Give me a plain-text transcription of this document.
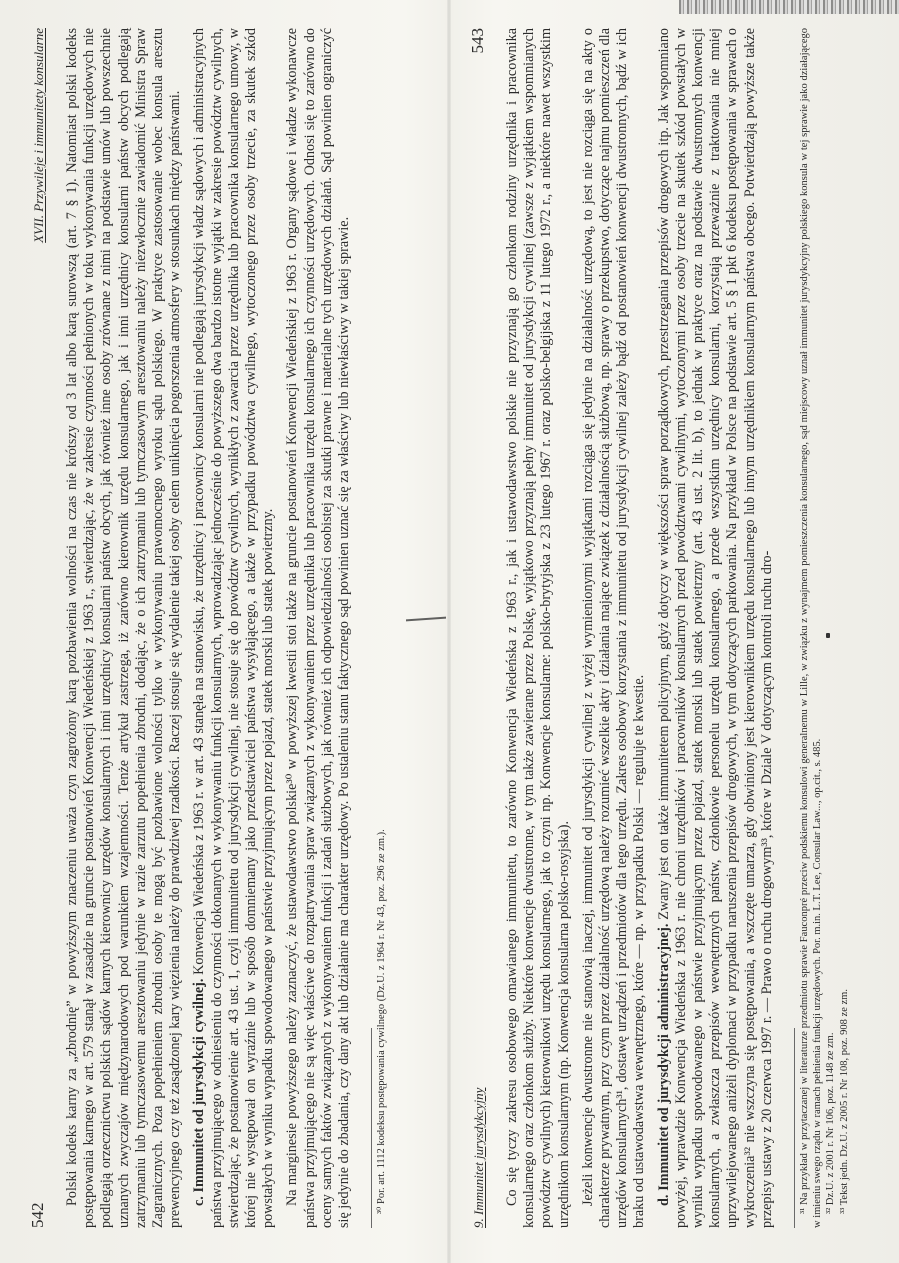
542
XVII. Przywileje i immunitety konsularne Polski kodeks karny za „zbrodnię” w powyższym znaczeniu uważa czyn zagrożony karą pozbawienia wolności na czas nie krótszy od 3 lat albo karą surowszą (art. 7 § 1). Natomiast polski kodeks postępowania karnego w art. 579 stanął w zasadzie na gruncie postanowień Konwencji Wiedeńskiej z 1963 r., stwierdzając, że w zakresie czynności pełnionych w toku wykonywania funkcji urzędowych nie podlegają orzecznictwu polskich sądów karnych kierownicy urzędów konsularnych i inni urzędnicy konsularni państw obcych, jak również inne osoby zrównane z nimi na podstawie umów lub powszechnie uznanych zwyczajów międzynarodowych pod warunkiem wzajemności. Tenże artykuł zastrzega, iż zarówno kierownik urzędu konsularnego, jak i inni urzędnicy konsularni państw obcych podlegają zatrzymaniu lub tymczasowemu aresztowaniu jedynie w razie zarzutu popełnienia zbrodni, dodając, że o ich zatrzymaniu lub tymczasowym aresztowaniu należy niezwłocznie zawiadomić Ministra Spraw Zagranicznych. Poza popełnieniem zbrodni osoby te mogą być pozbawione wolności tylko w wykonywaniu prawomocnego wyroku sądu polskiego. W praktyce zastosowanie wobec konsula aresztu prewencyjnego czy też zasądzonej kary więzienia należy do prawdziwej rzadkości. Raczej stosuje się wydalenie takiej osoby celem uniknięcia pogorszenia atmosfery w stosunkach między państwami. c. Immunitet od jurysdykcji cywilnej. Konwencja Wiedeńska z 1963 r. w art. 43 stanęła na stanowisku, że urzędnicy i pracownicy konsularni nie podlegają jurysdykcji władz sądowych i administracyjnych państwa przyjmującego w odniesieniu do czynności dokonanych w wykonywaniu funkcji konsularnych, wprowadzając jednocześnie do powyższego dwa bardzo istotne wyjątki w zakresie powództw cywilnych, stwierdzając, że postanowienie art. 43 ust. 1, czyli immunitetu od jurysdykcji cywilnej, nie stosuje się do powództw cywilnych, wynikłych z zawarcia przez urzędnika lub pracownika konsularnego umowy, w której nie występował on wyraźnie lub w sposób domniemany jako przedstawiciel państwa wysyłającego, a także w przypadku powództwa cywilnego, wytoczonego przez osoby trzecie, za skutek szkód powstałych w wyniku wypadku spowodowanego w państwie przyjmującym przez pojazd, statek morski lub statek powietrzny. Na marginesie powyższego należy zaznaczyć, że ustawodawstwo polskie³⁰ w powyższej kwestii stoi także na gruncie postanowień Konwencji Wiedeńskiej z 1963 r. Organy sądowe i władze wykonawcze państwa przyjmującego nie są więc właściwe do rozpatrywania spraw związanych z wykonywaniem przez urzędnika lub pracownika urzędu konsularnego ich czynności urzędowych. Odnosi się to zarówno do oceny samych faktów związanych z wykonywaniem funkcji i zadań służbowych, jak również ich odpowiedzialności osobistej za skutki prawne i materialne tych urzędowych działań. Sąd powinien ograniczyć się jedynie do zbadania, czy dany akt lub działanie ma charakter urzędowy. Po ustaleniu stanu faktycznego sąd powinien uznać się za właściwy lub niewłaściwy w takiej sprawie. ³⁰ Por. art. 1112 kodeksu postępowania cywilnego (Dz.U. z 1964 r. Nr 43, poz. 296 ze zm.).	9. Immunitet jurysdykcyjny
543 Co się tyczy zakresu osobowego omawianego immunitetu, to zarówno Konwencja Wiedeńska z 1963 r., jak i ustawodawstwo polskie nie przyznają go członkom rodziny urzędnika i pracownika konsularnego oraz członkom służby. Niektóre konwencje dwustronne, w tym także zawierane przez Polskę, wyjątkowo przyznają pełny immunitet od jurysdykcji cywilnej (zawsze z wyjątkiem wspomnianych powództw cywilnych) kierownikowi urzędu konsularnego, jak to czyni np. Konwencje konsularne: polsko-brytyjska z 23 lutego 1967 r. oraz polsko-belgijska z 11 lutego 1972 r., a niektóre nawet wszystkim urzędnikom konsularnym (np. Konwencja konsularna polsko-rosyjska). Jeżeli konwencje dwustronne nie stanowią inaczej, immunitet od jurysdykcji cywilnej z wyżej wymienionymi wyjątkami rozciąga się jedynie na działalność urzędową, to jest nie rozciąga się na akty o charakterze prywatnym, przy czym przez działalność urzędową należy rozumieć wszelkie akty i działania mające związek z działalnością służbową, np. sprawy o przekupstwo, dotyczące najmu pomieszczeń dla urzędów konsularnych³¹, dostawę urządzeń i przedmiotów dla tego urzędu. Zakres osobowy korzystania z immunitetu od jurysdykcji cywilnej zależy bądź od postanowień konwencji dwustronnych, bądź w ich braku od ustawodawstwa wewnętrznego, które — np. w przypadku Polski — reguluje te kwestie. d. Immunitet od jurysdykcji administracyjnej. Zwany jest on także immunitetem policyjnym, gdyż dotyczy w większości spraw porządkowych, przestrzegania przepisów drogowych itp. Jak wspomniano powyżej, wprawdzie Konwencja Wiedeńska z 1963 r. nie chroni urzędników i pracowników konsularnych przed powództwami cywilnymi, wytoczonymi przez osoby trzecie na skutek szkód powstałych w wyniku wypadku spowodowanego w państwie przyjmującym przez pojazd, statek morski lub statek powietrzny (art. 43 ust. 2 lit. b), to jednak w praktyce oraz na podstawie dwustronnych konwencji konsularnych, a zwłaszcza przepisów wewnętrznych państw, członkowie personelu urzędu konsularnego, a przede wszystkim urzędnicy konsularni, korzystają przeważnie z traktowania nie mniej uprzywilejowanego aniżeli dyplomaci w przypadku naruszenia przepisów drogowych, w tym dotyczących parkowania. Na przykład w Polsce na podstawie art. 5 § 1 pkt 6 kodeksu postępowania w sprawach o wykroczenia³² nie wszczyna się postępowania, a wszczęte umarza, gdy obwiniony jest kierownikiem urzędu konsularnego lub innym urzędnikiem konsularnym państwa obcego. Potwierdzają powyższe także przepisy ustawy z 20 czerwca 1997 r. — Prawo o ruchu drogowym³³, które w Dziale V dotyczącym kontroli ruchu dro- ³¹ Na przykład w przytaczanej w literaturze przedmiotu sprawie Fauconpré przeciw podskiemu konsulowi generalnemu w Lille, w związku z wynajmem pomieszczenia konsularnego, sąd miejscowy uznał immunitet jurysdykcyjny polskiego konsula w tej sprawie jako działającego w imieniu swego rządu w ramach pełnienia funkcji urzędowych. Por. m.in. L.T. Lee, Consular Law..., op.cit., s. 485. ³² Dz.U. z 2001 r. Nr 106, poz. 1148 ze zm. ³³ Tekst jedn. Dz.U. z 2005 r. Nr 108, poz. 908 ze zm.
